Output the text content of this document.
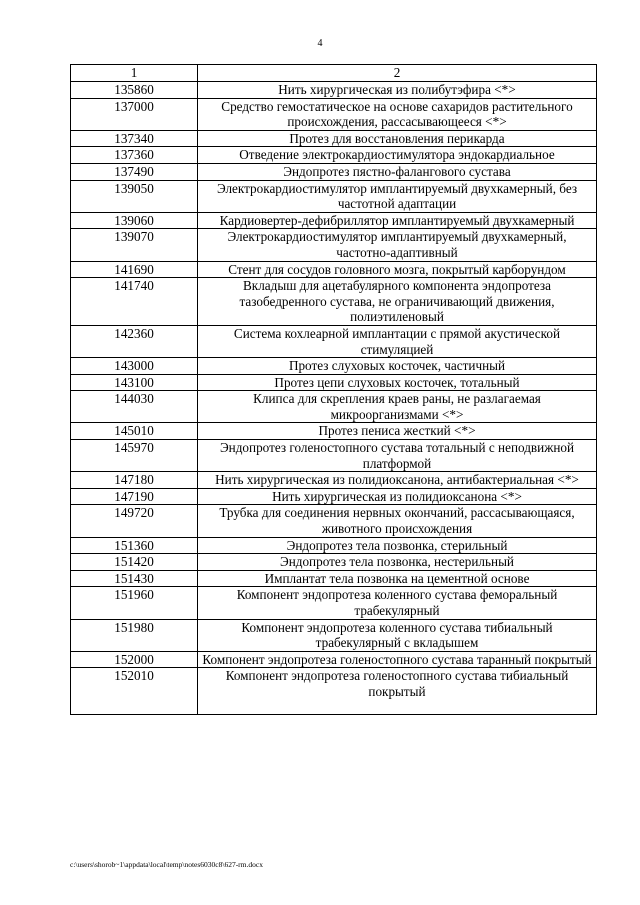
4
1	2
135860	Нить хирургическая из полибутэфира <*>
137000	Средство гемостатическое на основе сахаридов растительного происхождения, рассасывающееся <*>
137340	Протез для восстановления перикарда
137360	Отведение электрокардиостимулятора эндокардиальное
137490	Эндопротез пястно-фалангового сустава
139050	Электрокардиостимулятор имплантируемый двухкамерный, без частотной адаптации
139060	Кардиовертер-дефибриллятор имплантируемый двухкамерный
139070	Электрокардиостимулятор имплантируемый двухкамерный, частотно-адаптивный
141690	Стент для сосудов головного мозга, покрытый карборундом
141740	Вкладыш для ацетабулярного компонента эндопротеза тазобедренного сустава, не ограничивающий движения, полиэтиленовый
142360	Система кохлеарной имплантации с прямой акустической стимуляцией
143000	Протез слуховых косточек, частичный
143100	Протез цепи слуховых косточек, тотальный
144030	Клипса для скрепления краев раны, не разлагаемая микроорганизмами <*>
145010	Протез пениса жесткий <*>
145970	Эндопротез голеностопного сустава тотальный с неподвижной платформой
147180	Нить хирургическая из полидиоксанона, антибактериальная <*>
147190	Нить хирургическая из полидиоксанона <*>
149720	Трубка для соединения нервных окончаний, рассасывающаяся, животного происхождения
151360	Эндопротез тела позвонка, стерильный
151420	Эндопротез тела позвонка, нестерильный
151430	Имплантат тела позвонка на цементной основе
151960	Компонент эндопротеза коленного сустава феморальный трабекулярный
151980	Компонент эндопротеза коленного сустава тибиальный трабекулярный с вкладышем
152000	Компонент эндопротеза голеностопного сустава таранный покрытый
152010	Компонент эндопротеза голеностопного сустава тибиальный покрытый
c:\users\shorob~1\appdata\local\temp\notes6030c8\627-rm.docx
